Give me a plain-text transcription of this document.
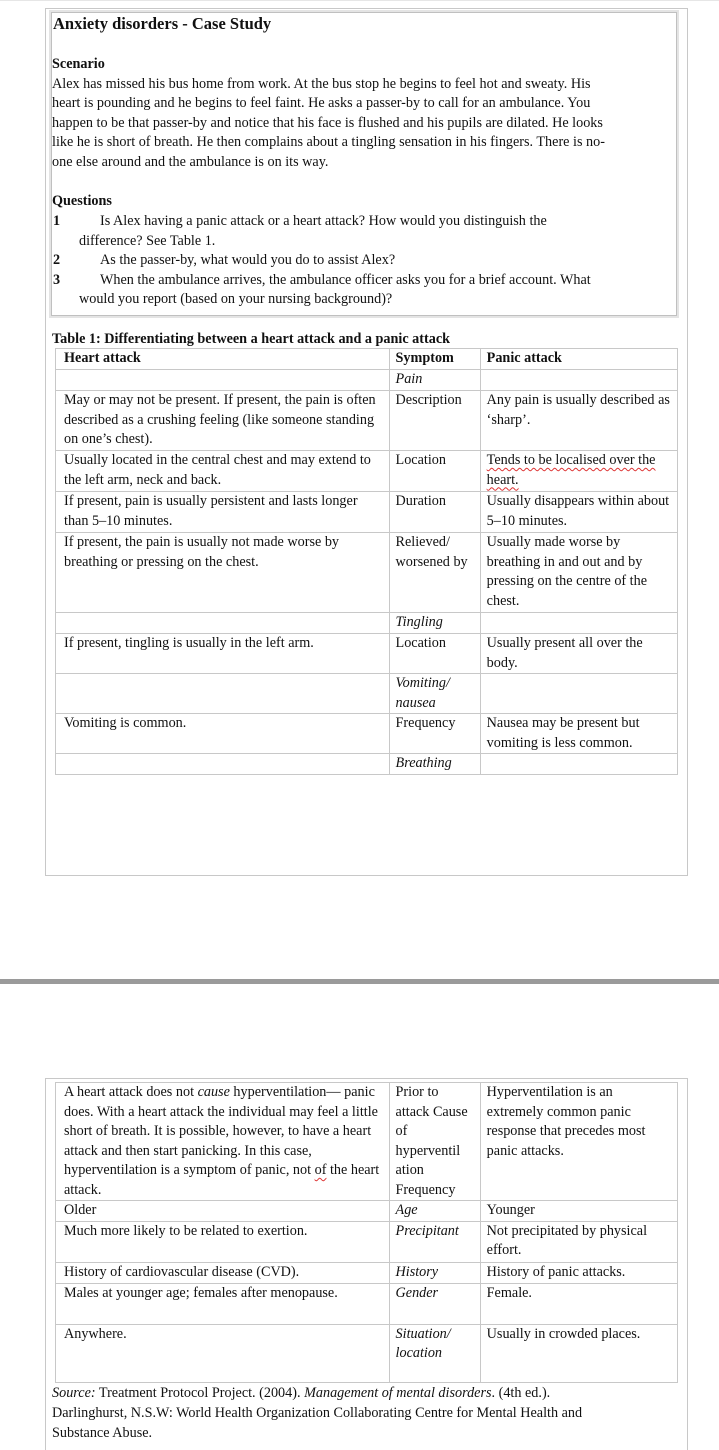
Anxiety disorders - Case Study
Scenario
Alex has missed his bus home from work. At the bus stop he begins to feel hot and sweaty. His
heart is pounding and he begins to feel faint. He asks a passer-by to call for an ambulance. You
happen to be that passer-by and notice that his face is flushed and his pupils are dilated. He looks
like he is short of breath. He then complains about a tingling sensation in his fingers. There is no-
one else around and the ambulance is on its way.
Questions
1	Is Alex having a panic attack or a heart attack? How would you distinguish the
difference? See Table 1.
2	As the passer-by, what would you do to assist Alex?
3	When the ambulance arrives, the ambulance officer asks you for a brief account. What
would you report (based on your nursing background)?
Table 1: Differentiating between a heart attack and a panic attack
Heart attack	Symptom	Panic attack
	Pain	
May or may not be present. If present, the pain is often described as a crushing feeling (like someone standing on one’s chest).	Description	Any pain is usually described as ‘sharp’.
Usually located in the central chest and may extend to the left arm, neck and back.	Location	Tends to be localised over the heart.
If present, pain is usually persistent and lasts longer than 5–10 minutes.	Duration	Usually disappears within about 5–10 minutes.
If present, the pain is usually not made worse by breathing or pressing on the chest.	Relieved/ worsened by	Usually made worse by breathing in and out and by pressing on the centre of the chest.
	Tingling	
If present, tingling is usually in the left arm.	Location	Usually present all over the body.
	Vomiting/ nausea	
Vomiting is common.	Frequency	Nausea may be present but vomiting is less common.
	Breathing	
A heart attack does not cause hyperventilation— panic does. With a heart attack the individual may feel a little short of breath. It is possible, however, to have a heart attack and then start panicking. In this case, hyperventilation is a symptom of panic, not of the heart attack.	Prior to attack Cause of hyperventil ation Frequency	Hyperventilation is an extremely common panic response that precedes most panic attacks.
Older	Age	Younger
Much more likely to be related to exertion.	Precipitant	Not precipitated by physical effort.
History of cardiovascular disease (CVD).	History	History of panic attacks.
Males at younger age; females after menopause.	Gender	Female.
Anywhere.	Situation/ location	Usually in crowded places.
Source: Treatment Protocol Project. (2004). Management of mental disorders. (4th ed.).
Darlinghurst, N.S.W: World Health Organization Collaborating Centre for Mental Health and
Substance Abuse.
